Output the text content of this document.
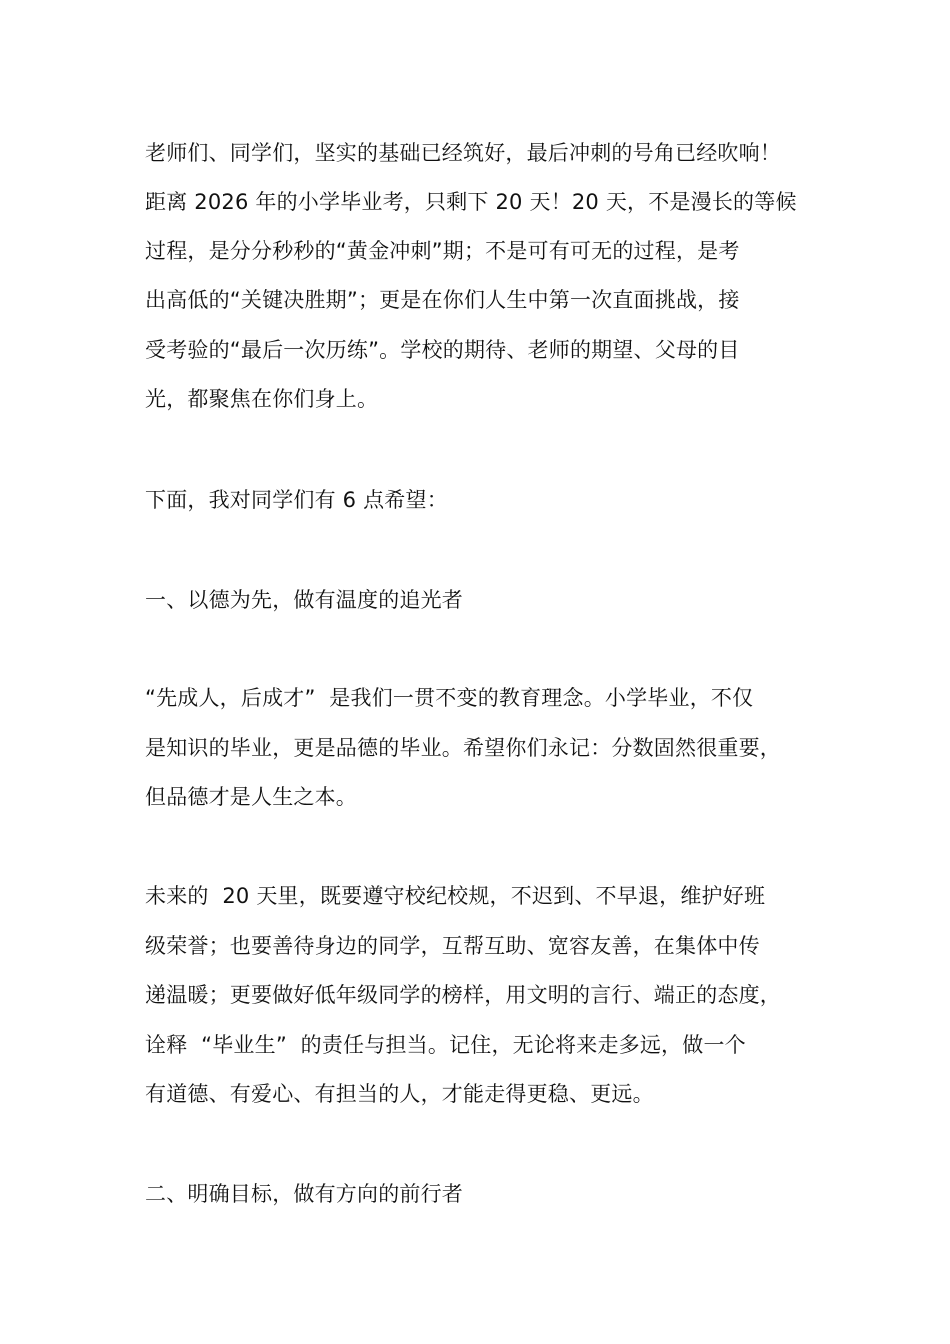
老师们、同学们，坚实的基础已经筑好，最后冲刺的号角已经吹响！
距离 2026 年的小学毕业考，只剩下 20 天！20 天，不是漫长的等候
过程，是分分秒秒的“黄金冲刺”期；不是可有可无的过程，是考
出高低的“关键决胜期”；更是在你们人生中第一次直面挑战，接
受考验的“最后一次历练”。学校的期待、老师的期望、父母的目
光，都聚焦在你们身上。
下面，我对同学们有 6 点希望：
一、以德为先，做有温度的追光者
“先成人，后成才”  是我们一贯不变的教育理念。小学毕业，不仅
是知识的毕业，更是品德的毕业。希望你们永记：分数固然很重要，
但品德才是人生之本。
未来的  20 天里，既要遵守校纪校规，不迟到、不早退，维护好班
级荣誉；也要善待身边的同学，互帮互助、宽容友善，在集体中传
递温暖；更要做好低年级同学的榜样，用文明的言行、端正的态度，
诠释  “毕业生”  的责任与担当。记住，无论将来走多远，做一个
有道德、有爱心、有担当的人，才能走得更稳、更远。
二、明确目标，做有方向的前行者
